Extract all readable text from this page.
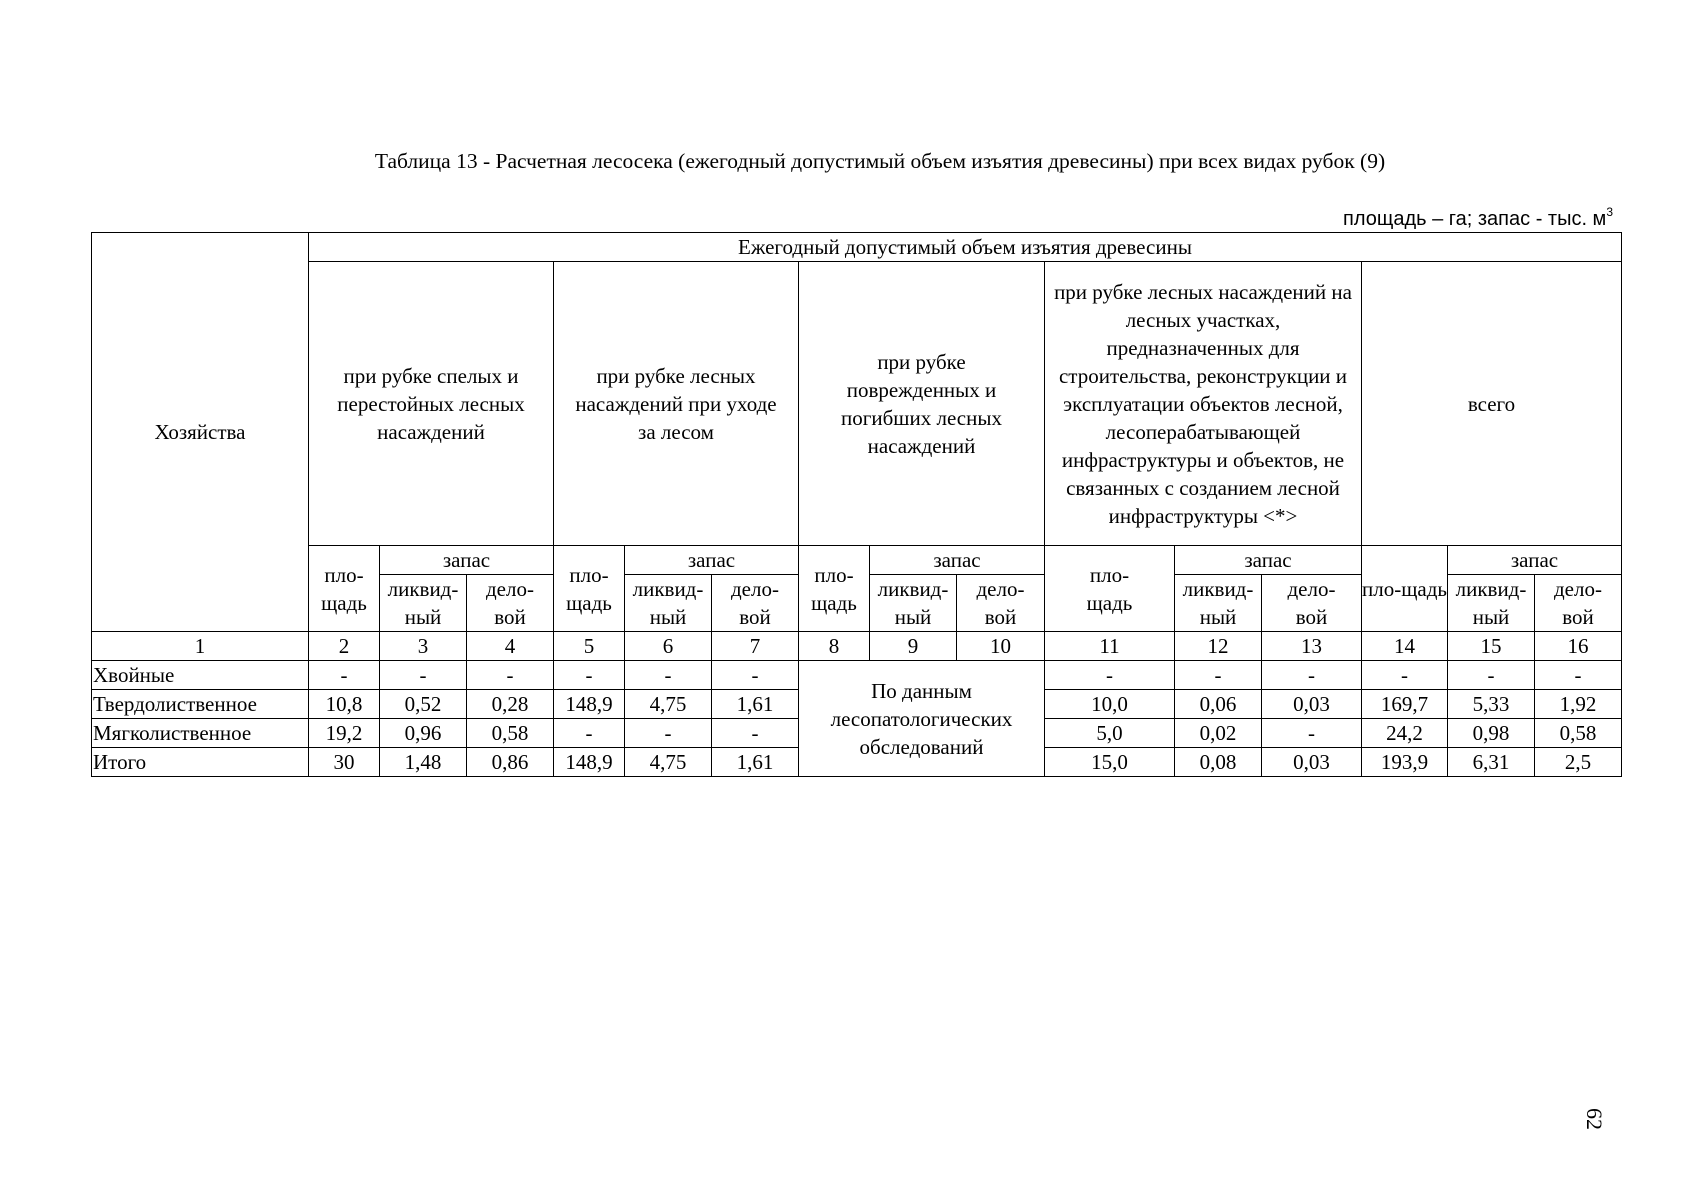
Таблица 13 - Расчетная лесосека (ежегодный допустимый объем изъятия древесины) при всех видах рубок (9)
площадь – га; запас - тыс. $м^3$
Хозяйства	Ежегодный допустимый объем изъятия древесины														

	при рубке спелых и перестойных лесных насаждений			при рубке лесных насаждений при уходе за лесом			при рубке поврежденных и погибших лесных насаждений			при рубке лесных насаждений на лесных участках, предназначенных для строительства, реконструкции и эксплуатации объектов лесной, лесоперабатывающей инфраструктуры и объектов, не связанных с созданием лесной инфраструктуры <*>			всего		
	пло-щадь	запас		пло-щадь	запас		пло-щадь	запас		пло-щадь	запас		пло-щадь	запас	
		ликвид-ный	дело-вой		ликвид-ный	дело-вой		ликвид-ный	дело-вой		ликвид-ный	дело-вой		ликвид-ный	дело-вой
1	2	3	4	5	6	7	8	9	10	11	12	13	14	15	16
Хвойные	-	-	-	-	-	-	По данным лесопатологических обследований			-	-	-	-	-	-
Твердолиственное	10,8	0,52	0,28	148,9	4,75	1,61				10,0	0,06	0,03	169,7	5,33	1,92
Мягколиственное	19,2	0,96	0,58	-	-	-				5,0	0,02	-	24,2	0,98	0,58
Итого	30	1,48	0,86	148,9	4,75	1,61				15,0	0,08	0,03	193,9	6,31	2,5
62
